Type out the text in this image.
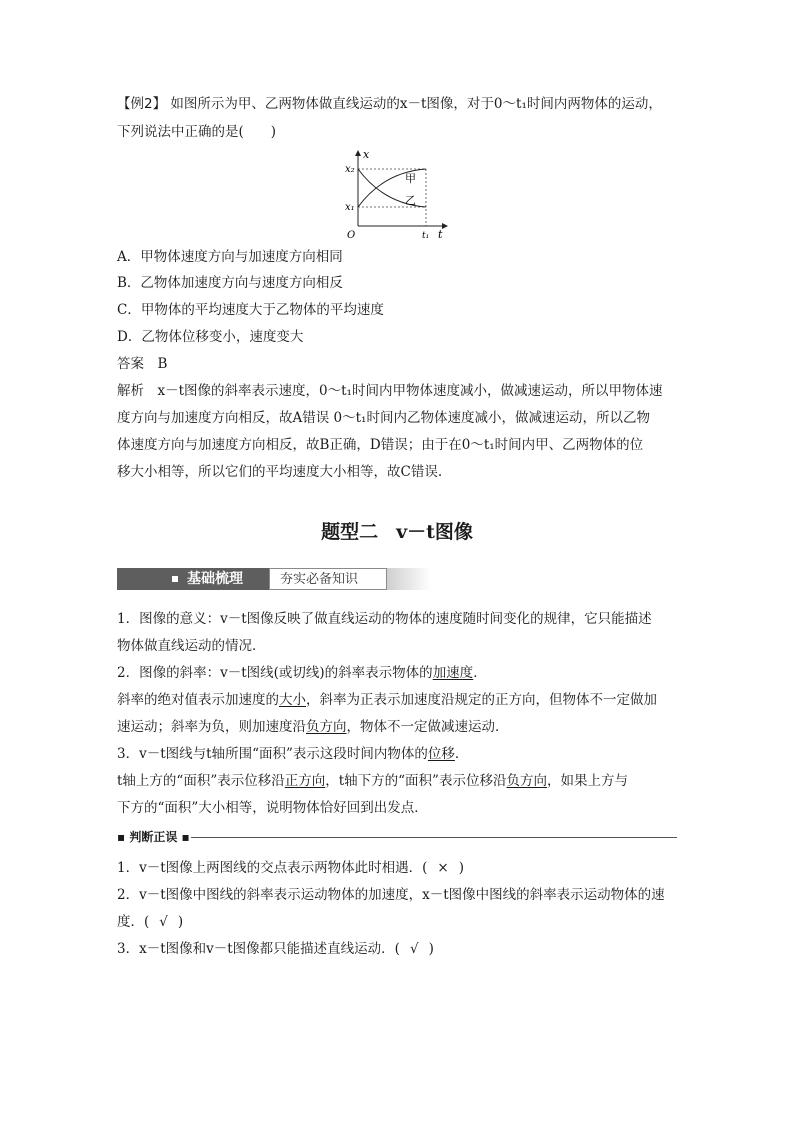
【例2】 如图所示为甲、乙两物体做直线运动的x－t图像，对于0～t₁时间内两物体的运动，
下列说法中正确的是(　　)
x
x₂
x₁
O	t₁ t
甲
乙
A．甲物体速度方向与加速度方向相同
B．乙物体加速度方向与速度方向相反
C．甲物体的平均速度大于乙物体的平均速度
D．乙物体位移变小，速度变大
答案　B
解析　x－t图像的斜率表示速度，0～t₁时间内甲物体速度减小，做减速运动，所以甲物体速
度方向与加速度方向相反，故A错误 0～t₁时间内乙物体速度减小，做减速运动，所以乙物
体速度方向与加速度方向相反，故B正确，D错误；由于在0～t₁时间内甲、乙两物体的位
移大小相等，所以它们的平均速度大小相等，故C错误.
题型二 v－t图像
基础梳理	夯实必备知识
1．图像的意义：v－t图像反映了做直线运动的物体的速度随时间变化的规律，它只能描述
物体做直线运动的情况．
2．图像的斜率：v－t图线(或切线)的斜率表示物体的加速度．
斜率的绝对值表示加速度的大小，斜率为正表示加速度沿规定的正方向，但物体不一定做加
速运动；斜率为负，则加速度沿负方向，物体不一定做减速运动．
3．v－t图线与t轴所围“面积”表示这段时间内物体的位移．
t轴上方的“面积”表示位移沿正方向，t轴下方的“面积”表示位移沿负方向，如果上方与
下方的“面积”大小相等，说明物体恰好回到出发点．
▪ 判断正误 ▪
1．v－t图像上两图线的交点表示两物体此时相遇．( × )
2．v－t图像中图线的斜率表示运动物体的加速度，x－t图像中图线的斜率表示运动物体的速
度．( √ )
3．x－t图像和v－t图像都只能描述直线运动．( √ )
